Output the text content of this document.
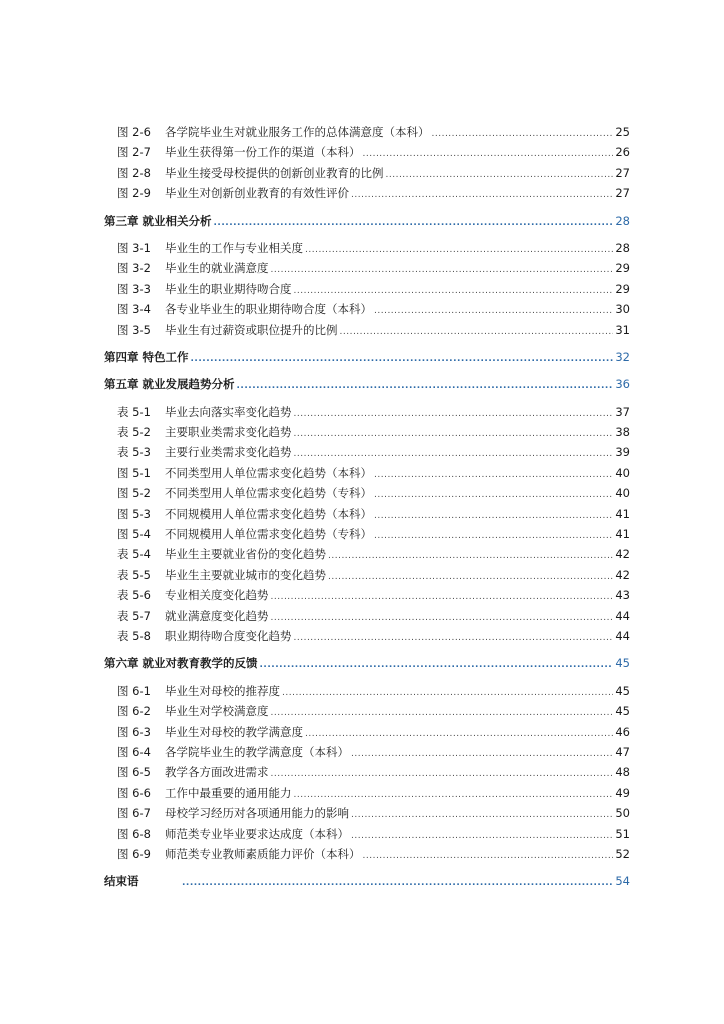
图 2-6	各学院毕业生对就业服务工作的总体满意度（本科） .....	25
图 2-7	毕业生获得第一份工作的渠道（本科） .....	26
图 2-8	毕业生接受母校提供的创新创业教育的比例 .....	27
图 2-9	毕业生对创新创业教育的有效性评价 .....	27
第三章 就业相关分析 .....	28
图 3-1	毕业生的工作与专业相关度 .....	28
图 3-2	毕业生的就业满意度 .....	29
图 3-3	毕业生的职业期待吻合度 .....	29
图 3-4	各专业毕业生的职业期待吻合度（本科） .....	30
图 3-5	毕业生有过薪资或职位提升的比例 .....	31
第四章 特色工作 .....	32
第五章 就业发展趋势分析 .....	36
表 5-1	毕业去向落实率变化趋势 .....	37
表 5-2	主要职业类需求变化趋势 .....	38
表 5-3	主要行业类需求变化趋势 .....	39
图 5-1	不同类型用人单位需求变化趋势（本科） .....	40
图 5-2	不同类型用人单位需求变化趋势（专科） .....	40
图 5-3	不同规模用人单位需求变化趋势（本科） .....	41
图 5-4	不同规模用人单位需求变化趋势（专科） .....	41
表 5-4	毕业生主要就业省份的变化趋势 .....	42
表 5-5	毕业生主要就业城市的变化趋势 .....	42
表 5-6	专业相关度变化趋势 .....	43
表 5-7	就业满意度变化趋势 .....	44
表 5-8	职业期待吻合度变化趋势 .....	44
第六章 就业对教育教学的反馈 .....	45
图 6-1	毕业生对母校的推荐度 .....	45
图 6-2	毕业生对学校满意度 .....	45
图 6-3	毕业生对母校的教学满意度 .....	46
图 6-4	各学院毕业生的教学满意度（本科） .....	47
图 6-5	教学各方面改进需求 .....	48
图 6-6	工作中最重要的通用能力 .....	49
图 6-7	母校学习经历对各项通用能力的影响 .....	50
图 6-8	师范类专业毕业要求达成度（本科） .....	51
图 6-9	师范类专业教师素质能力评价（本科） .....	52
结束语 .....	54
